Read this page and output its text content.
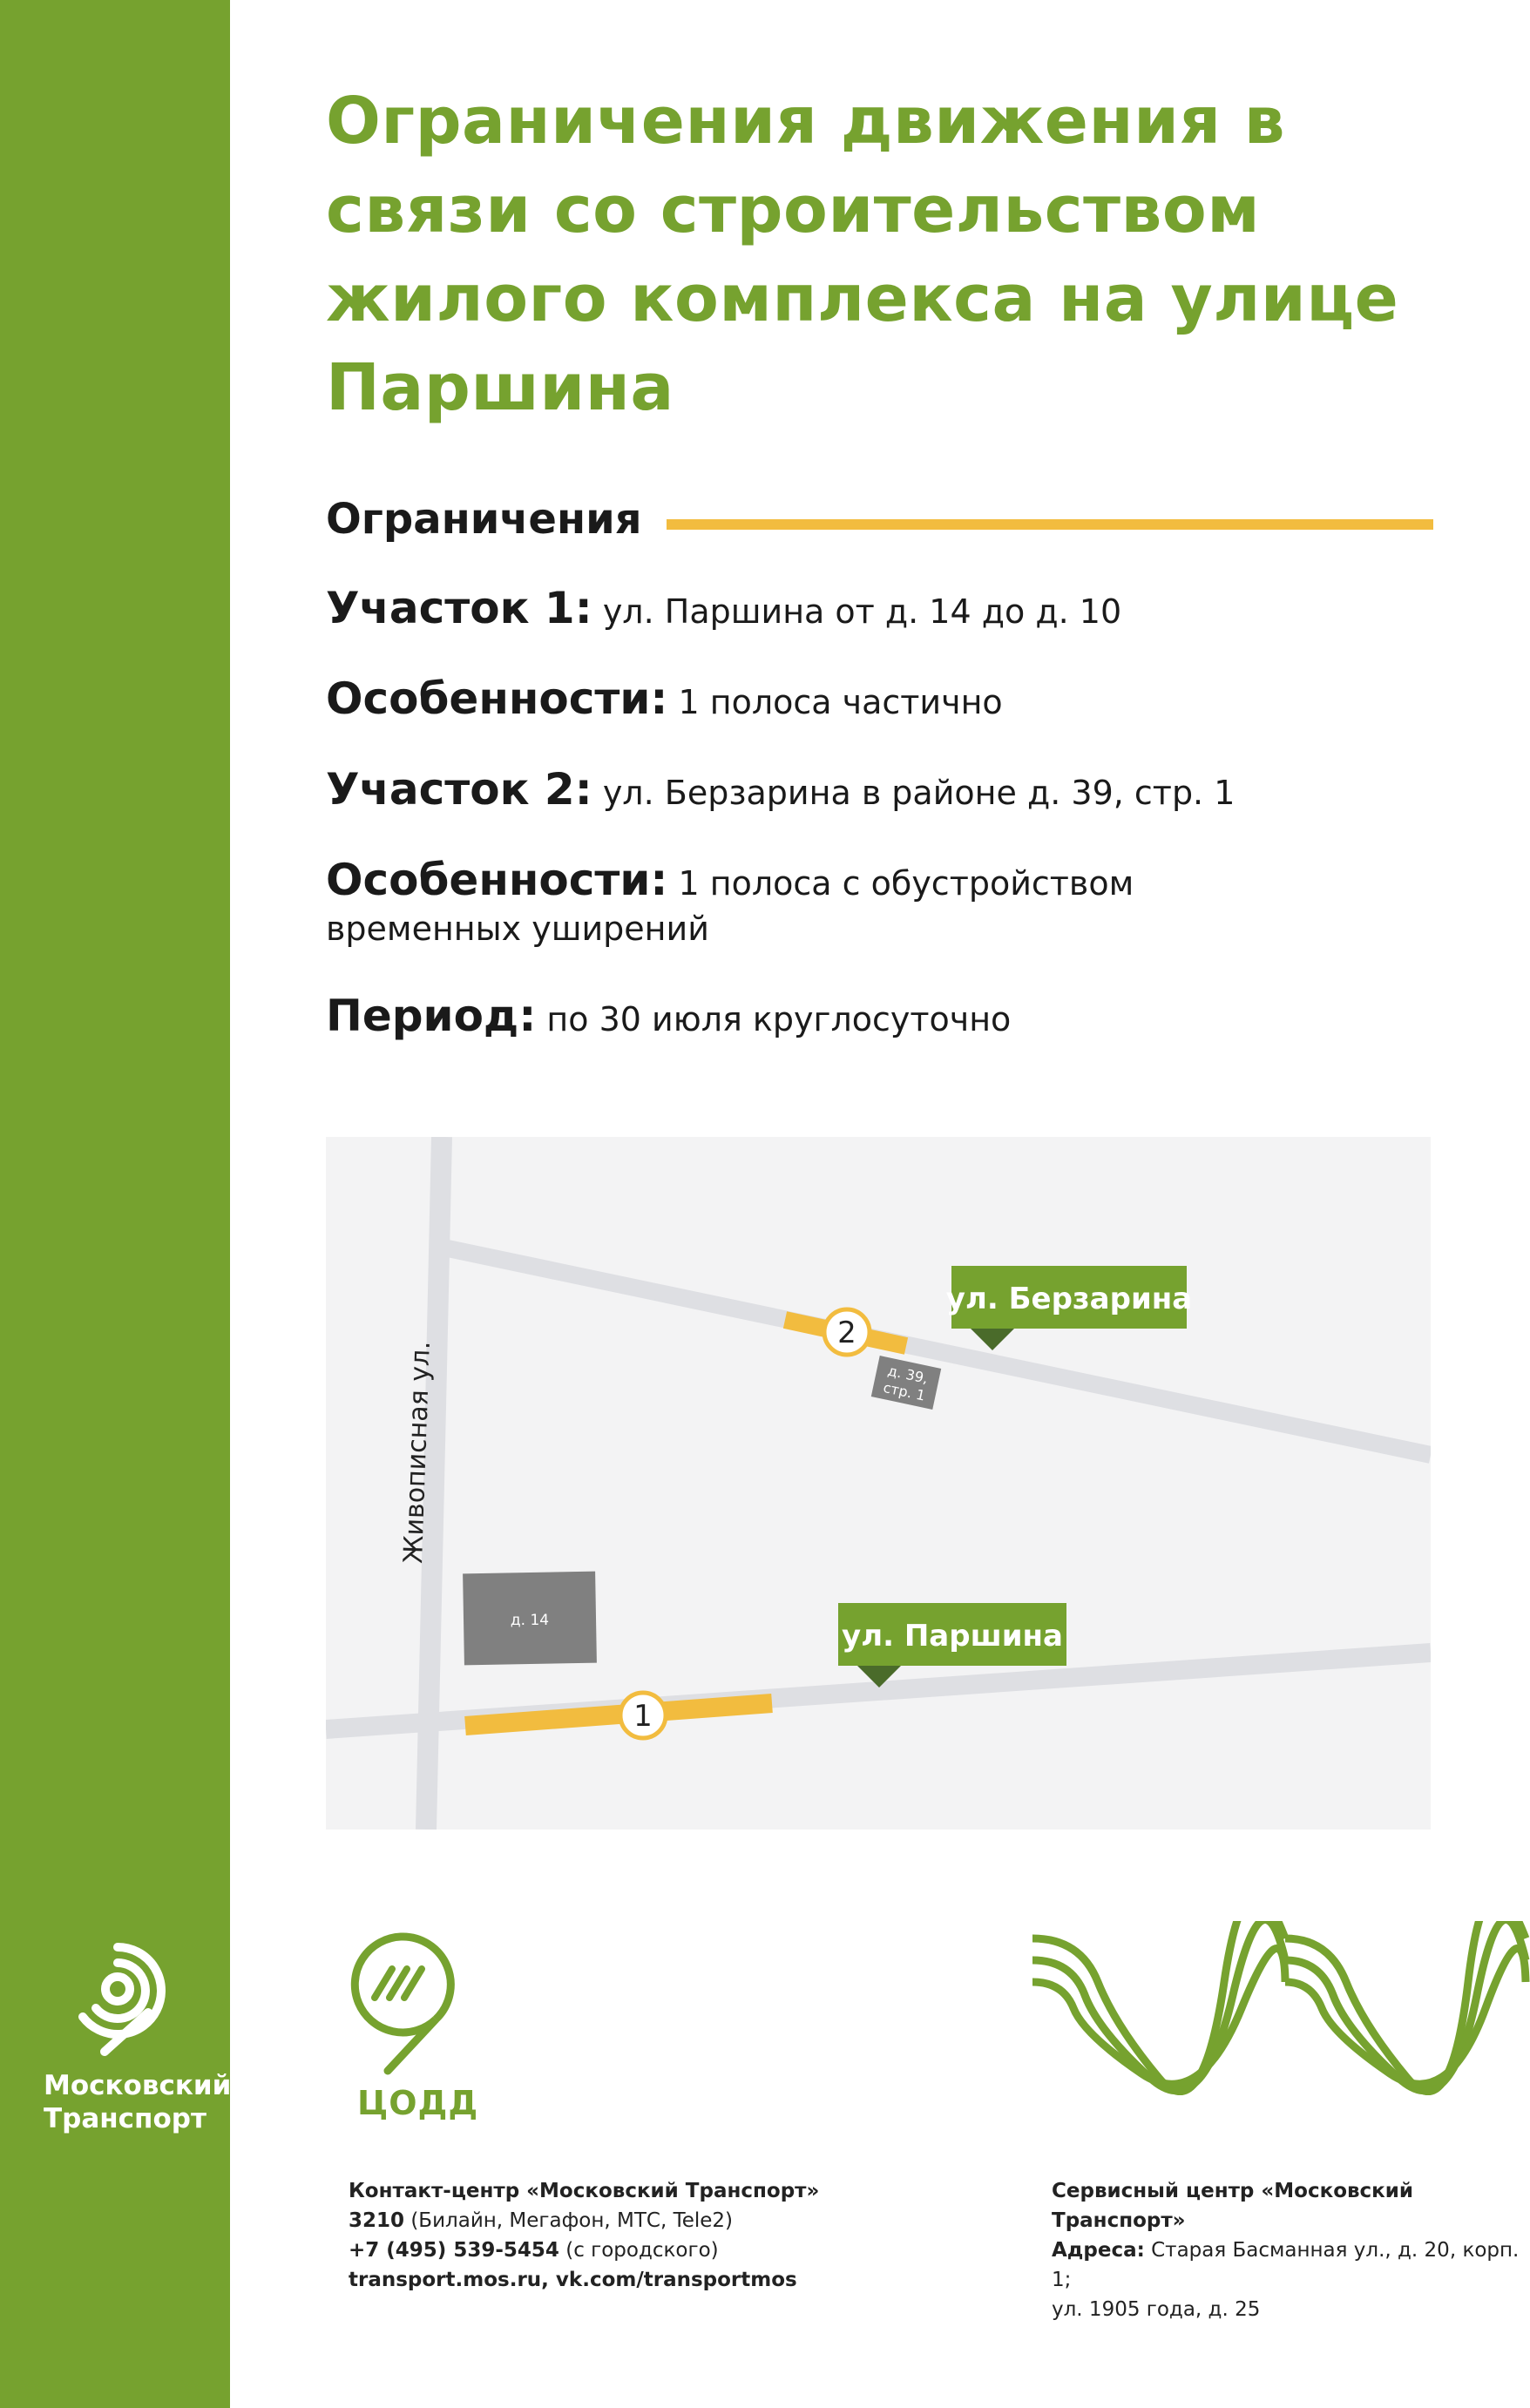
Московский
Транспорт
Ограничения движения в связи со строительством жилого комплекса на улице Паршина
Ограничения
Участок 1: ул. Паршина от д. 14 до д. 10
Особенности: 1 полоса частично
Участок 2: ул. Берзарина в районе д. 39, стр. 1
Особенности: 1 полоса с обустройством временных уширений
Период: по 30 июля круглосуточно
2
1
д. 39,
стр. 1
д. 14
ул. Берзарина
ул. Паршина
Живописная ул.
ЦОДД
Контакт-центр «Московский Транспорт»
3210 (Билайн, Мегафон, МТС, Tele2)
+7 (495) 539-5454 (с городского)
transport.mos.ru, vk.com/transportmos
Сервисный центр «Московский Транспорт»
Адреса: Старая Басманная ул., д. 20, корп. 1;
ул. 1905 года, д. 25
